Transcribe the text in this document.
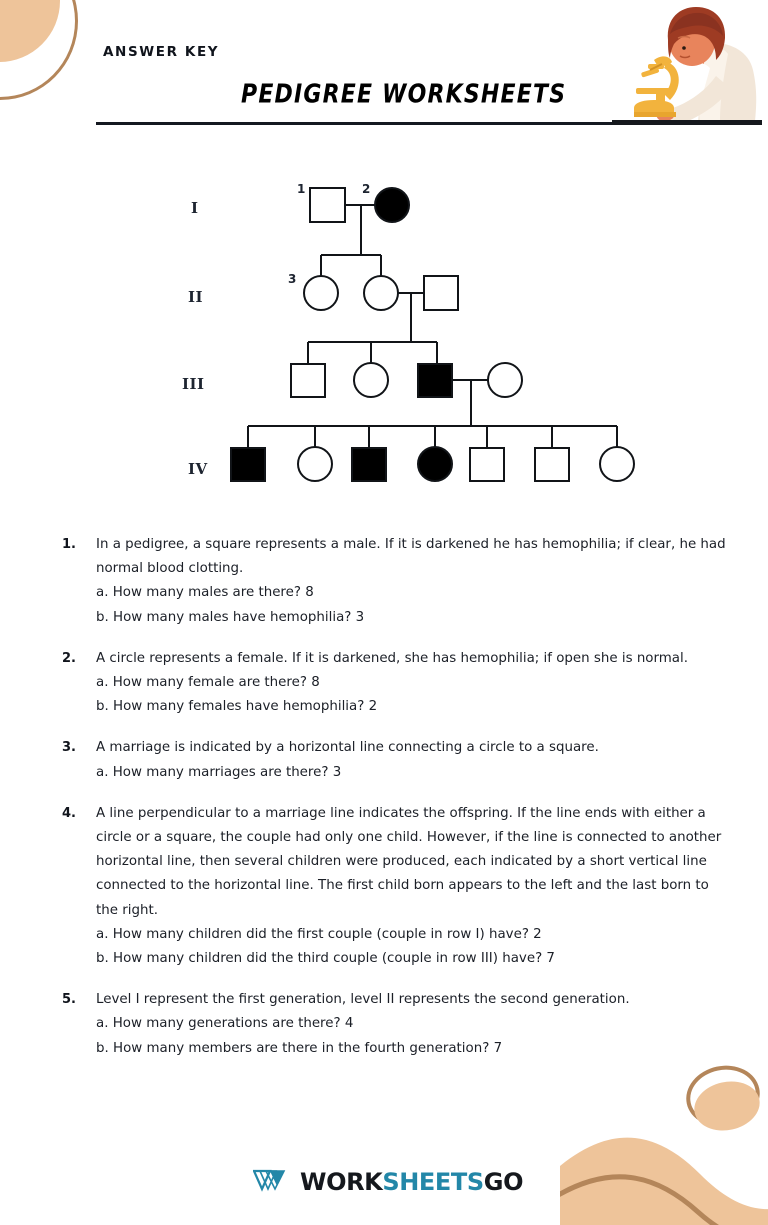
ANSWER KEY
PEDIGREE WORKSHEETS
I
II
III
IV
1	2
3
1.	In a pedigree, a square represents a male. If it is darkened he has hemophilia; if clear, he had normal blood clotting.
a. How many males are there? 8
b. How many males have hemophilia? 3
2.	A circle represents a female. If it is darkened, she has hemophilia; if open she is normal.
a. How many female are there? 8
b. How many females have hemophilia? 2
3.	A marriage is indicated by a horizontal line connecting a circle to a square.
a. How many marriages are there? 3
4.	A line perpendicular to a marriage line indicates the offspring. If the line ends with either a circle or a square, the couple had only one child. However, if the line is connected to another horizontal line, then several children were produced, each indicated by a short vertical line connected to the horizontal line. The first child born appears to the left and the last born to the right.
a. How many children did the first couple (couple in row I) have? 2
b. How many children did the third couple (couple in row III) have? 7
5.	Level I represent the first generation, level II represents the second generation.
a. How many generations are there? 4
b. How many members are there in the fourth generation? 7
WORK SHEETS GO
